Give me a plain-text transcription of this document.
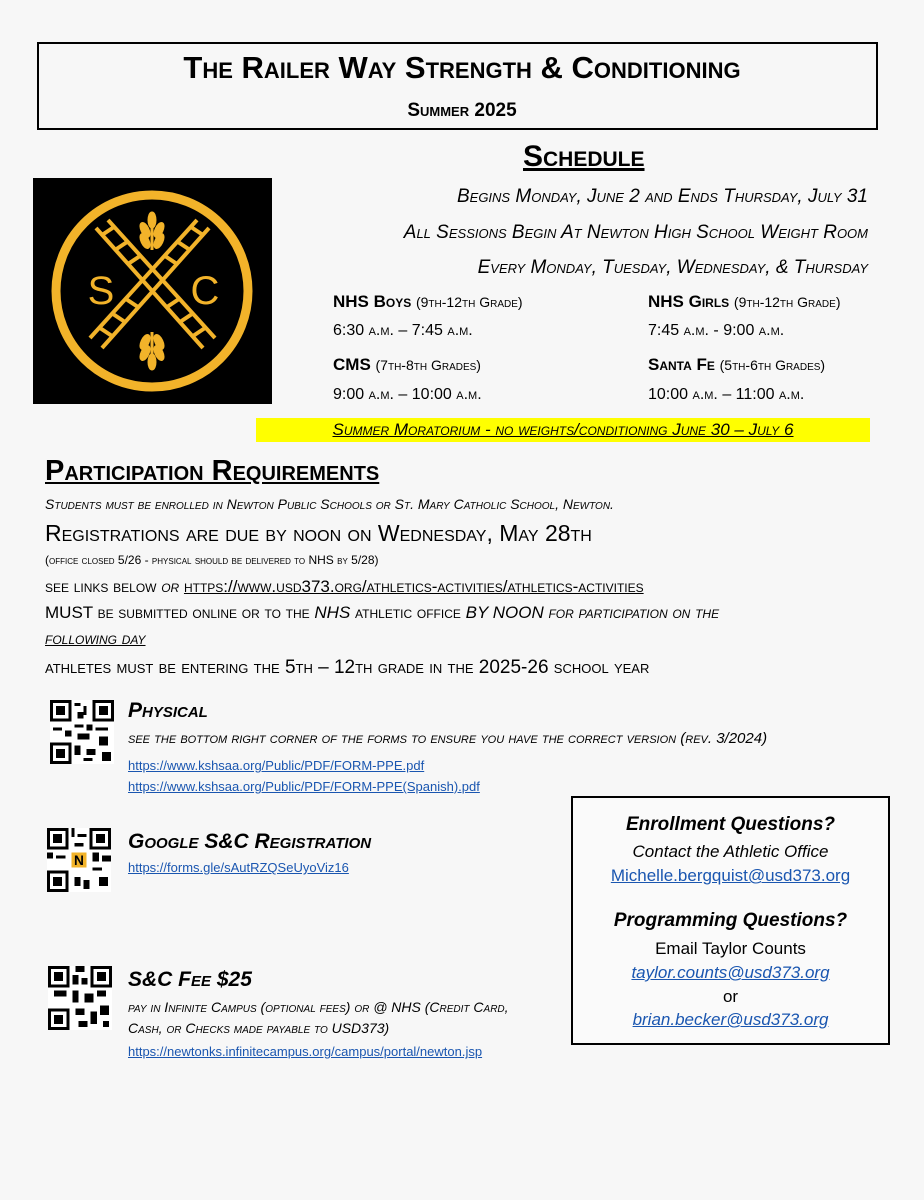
The Railer Way Strength & Conditioning
Summer 2025
S C
Schedule
Begins Monday, June 2 and Ends Thursday, July 31
All Sessions Begin At Newton High School Weight Room
Every Monday, Tuesday, Wednesday, & Thursday
NHS Boys (9th-12th Grade)
6:30 a.m. – 7:45 a.m.
NHS Girls (9th-12th Grade)
7:45 a.m. - 9:00 a.m.
CMS (7th-8th Grades)
9:00 a.m. – 10:00 a.m.
Santa Fe (5th-6th Grades)
10:00 a.m. – 11:00 a.m.
Summer Moratorium - no weights/conditioning June 30 – July 6
Participation Requirements
Students must be enrolled in Newton Public Schools or St. Mary Catholic School, Newton.
Registrations are due by noon on Wednesday, May 28th
(office closed 5/26 - physical should be delivered to NHS by 5/28)
see links below or https://www.usd373.org/athletics-activities/athletics-activities
MUST be submitted online or to the NHS athletic office BY NOON for participation on the
following day
athletes must be entering the 5th – 12th grade in the 2025-26 school year
N
Physical
see the bottom right corner of the forms to ensure you have the correct version (rev. 3/2024)
https://www.kshsaa.org/Public/PDF/FORM-PPE.pdf
https://www.kshsaa.org/Public/PDF/FORM-PPE(Spanish).pdf
Google S&C Registration
https://forms.gle/sAutRZQSeUyoViz16
S&C Fee $25
pay in Infinite Campus (optional fees) or @ NHS (Credit Card,
Cash, or Checks made payable to USD373)
https://newtonks.infinitecampus.org/campus/portal/newton.jsp
Enrollment Questions?
Contact the Athletic Office
Michelle.bergquist@usd373.org
Programming Questions?
Email Taylor Counts
taylor.counts@usd373.org
or
brian.becker@usd373.org
